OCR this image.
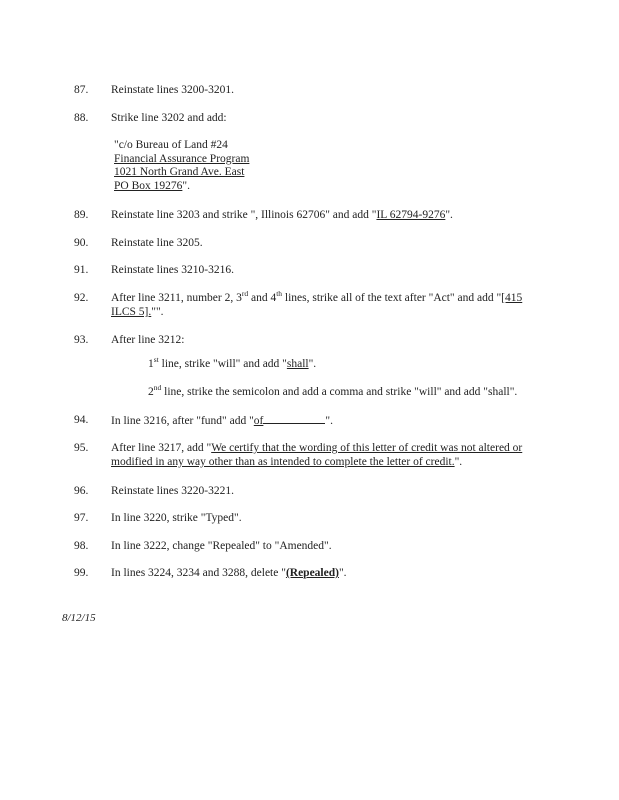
87. Reinstate lines 3200-3201.
88. Strike line 3202 and add:
"c/o Bureau of Land #24
Financial Assurance Program
1021 North Grand Ave. East
PO Box 19276".
89. Reinstate line 3203 and strike ", Illinois 62706" and add "IL 62794-9276".
90. Reinstate line 3205.
91. Reinstate lines 3210-3216.
92. After line 3211, number 2, 3rd and 4th lines, strike all of the text after "Act" and add "[415
ILCS 5]."".
93. After line 3212:
1st line, strike "will" and add "shall".
2nd line, strike the semicolon and add a comma and strike "will" and add "shall".
94. In line 3216, after "fund" add "of	".
95. After line 3217, add "We certify that the wording of this letter of credit was not altered or
modified in any way other than as intended to complete the letter of credit.".
96. Reinstate lines 3220-3221.
97. In line 3220, strike "Typed".
98. In line 3222, change "Repealed" to "Amended".
99. In lines 3224, 3234 and 3288, delete "(Repealed)".
8/12/15
